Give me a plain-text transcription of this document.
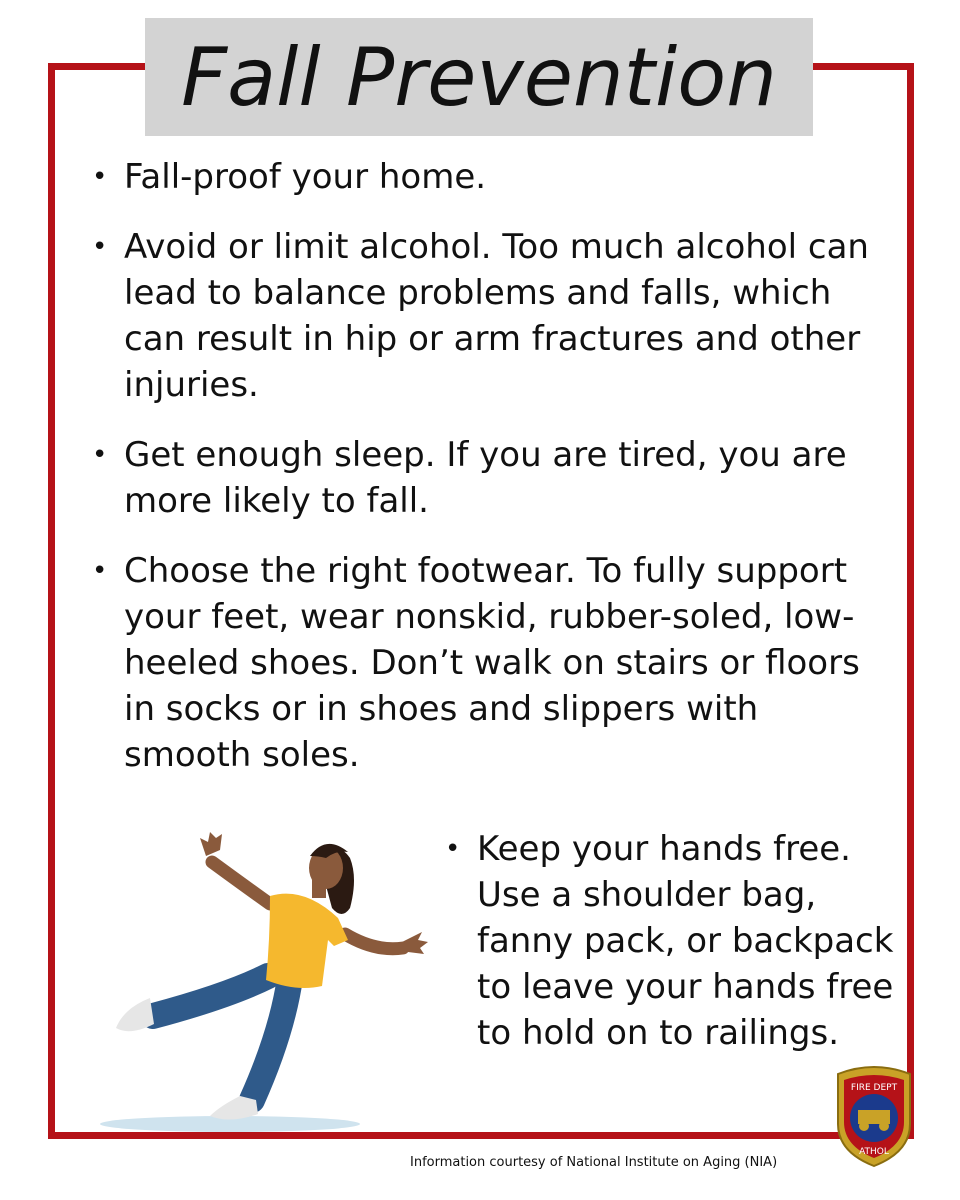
Fall Prevention
• Fall-proof your home.
• Avoid or limit alcohol. Too much alcohol can lead to balance problems and falls, which can result in hip or arm fractures and other injuries.
• Get enough sleep. If you are tired, you are more likely to fall.
• Choose the right footwear. To fully support your feet, wear nonskid, rubber-soled, low-heeled shoes. Don’t walk on stairs or floors in socks or in shoes and slippers with smooth soles.
• Keep your hands free. Use a shoulder bag, fanny pack, or backpack to leave your hands free to hold on to railings.
FIRE DEPT
ATHOL
Information courtesy of National Institute on Aging (NIA)
